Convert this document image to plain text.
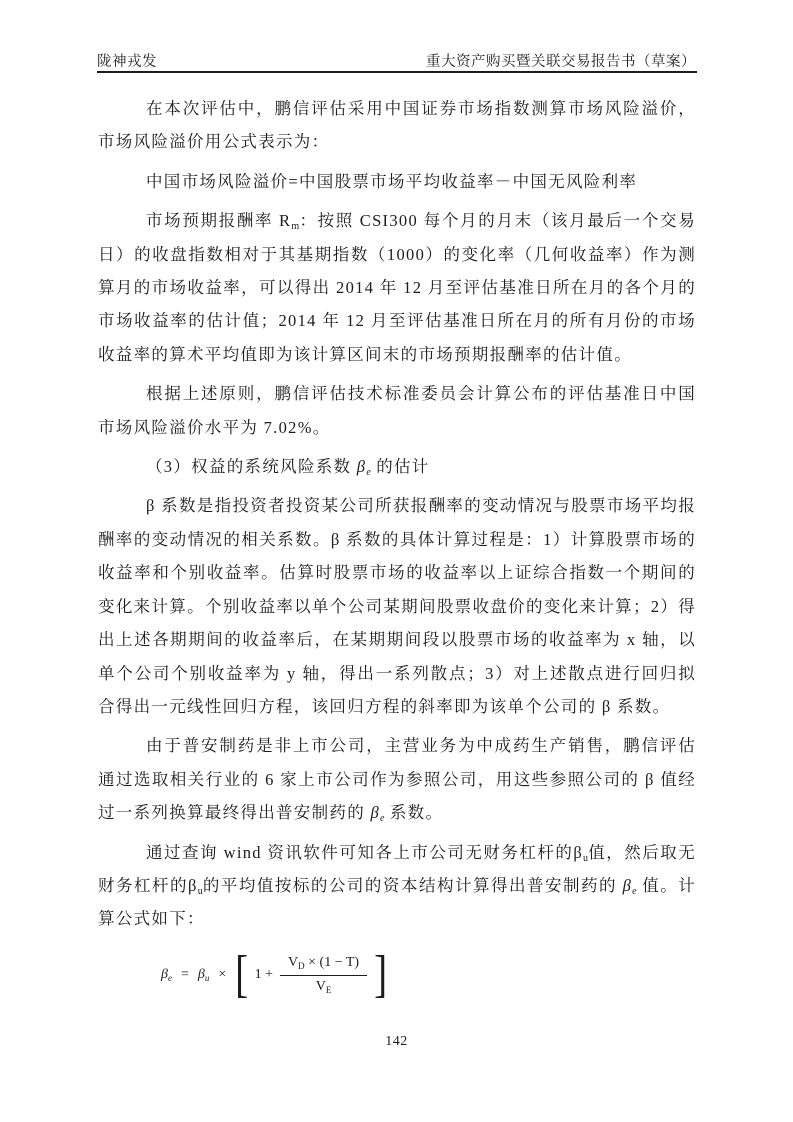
陇神戎发	重大资产购买暨关联交易报告书（草案）

在本次评估中，鹏信评估采用中国证券市场指数测算市场风险溢价，市场风险溢价用公式表示为：

中国市场风险溢价=中国股票市场平均收益率－中国无风险利率

市场预期报酬率 $R_m$：按照 CSI300 每个月的月末（该月最后一个交易日）的收盘指数相对于其基期指数（1000）的变化率（几何收益率）作为测算月的市场收益率，可以得出 2014 年 12 月至评估基准日所在月的各个月的市场收益率的估计值；2014 年 12 月至评估基准日所在月的所有月份的市场收益率的算术平均值即为该计算区间末的市场预期报酬率的估计值。

根据上述原则，鹏信评估技术标准委员会计算公布的评估基准日中国市场风险溢价水平为 7.02%。

（3）权益的系统风险系数 $\beta_e$ 的估计

β 系数是指投资者投资某公司所获报酬率的变动情况与股票市场平均报酬率的变动情况的相关系数。β 系数的具体计算过程是：1）计算股票市场的收益率和个别收益率。估算时股票市场的收益率以上证综合指数一个期间的变化来计算。个别收益率以单个公司某期间股票收盘价的变化来计算；2）得出上述各期期间的收益率后，在某期期间段以股票市场的收益率为 x 轴，以单个公司个别收益率为 y 轴，得出一系列散点；3）对上述散点进行回归拟合得出一元线性回归方程，该回归方程的斜率即为该单个公司的 β 系数。

由于普安制药是非上市公司，主营业务为中成药生产销售，鹏信评估通过选取相关行业的 6 家上市公司作为参照公司，用这些参照公司的 β 值经过一系列换算最终得出普安制药的 $\beta_e$ 系数。

通过查询 wind 资讯软件可知各上市公司无财务杠杆的$\beta_u$值，然后取无财务杠杆的$\beta_u$的平均值按标的公司的资本结构计算得出普安制药的 $\beta_e$ 值。计算公式如下：

$\beta_e = \beta_u$ × [ $1 + \frac{V_D \times (1 - T)}{V_E}$ ]
142
